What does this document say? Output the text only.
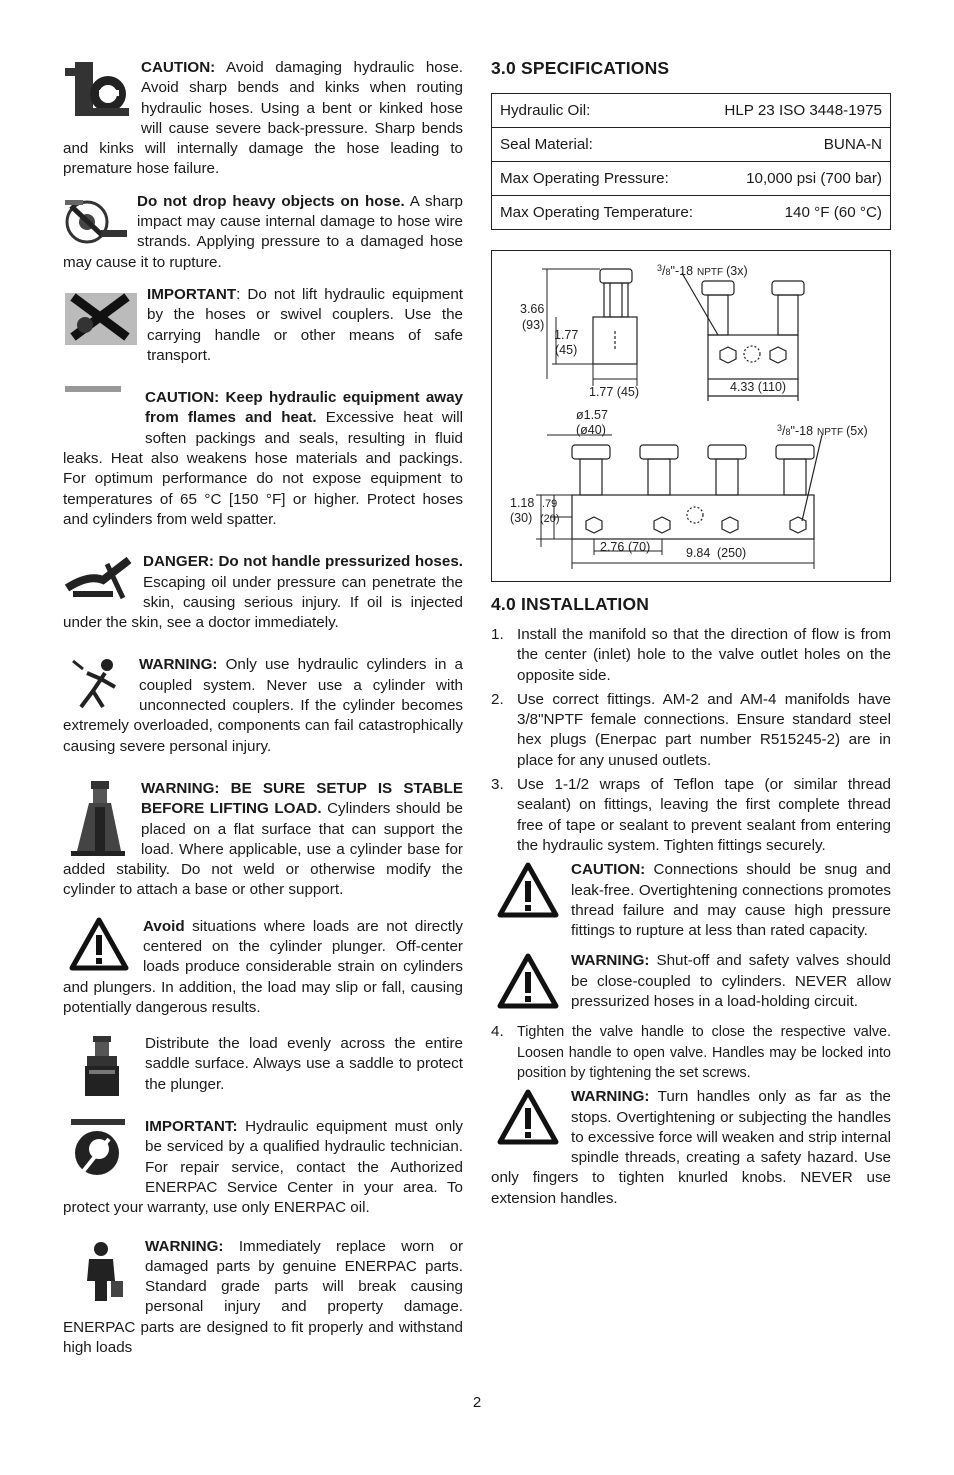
CAUTION: Avoid damaging hydraulic hose. Avoid sharp bends and kinks when routing hydraulic hoses. Using a bent or kinked hose will cause severe back-pressure. Sharp bends and kinks will internally damage the hose leading to premature hose failure.

Do not drop heavy objects on hose. A sharp impact may cause internal damage to hose wire strands. Applying pressure to a damaged hose may cause it to rupture.

IMPORTANT: Do not lift hydraulic equipment by the hoses or swivel couplers. Use the carrying handle or other means of safe transport.

CAUTION: Keep hydraulic equipment away from flames and heat. Excessive heat will soften packings and seals, resulting in fluid leaks. Heat also weakens hose materials and packings. For optimum performance do not expose equipment to temperatures of 65 °C [150 °F] or higher. Protect hoses and cylinders from weld spatter.

DANGER: Do not handle pressurized hoses. Escaping oil under pressure can penetrate the skin, causing serious injury. If oil is injected under the skin, see a doctor immediately.

WARNING: Only use hydraulic cylinders in a coupled system. Never use a cylinder with unconnected couplers. If the cylinder becomes extremely overloaded, components can fail catastrophically causing severe personal injury.

WARNING: BE SURE SETUP IS STABLE BEFORE LIFTING LOAD. Cylinders should be placed on a flat surface that can support the load. Where applicable, use a cylinder base for added stability. Do not weld or otherwise modify the cylinder to attach a base or other support.

Avoid situations where loads are not directly centered on the cylinder plunger. Off-center loads produce considerable strain on cylinders and plungers. In addition, the load may slip or fall, causing potentially dangerous results.

Distribute the load evenly across the entire saddle surface. Always use a saddle to protect the plunger.

IMPORTANT: Hydraulic equipment must only be serviced by a qualified hydraulic technician. For repair service, contact the Authorized ENERPAC Service Center in your area. To protect your warranty, use only ENERPAC oil.

WARNING: Immediately replace worn or damaged parts by genuine ENERPAC parts. Standard grade parts will break causing personal injury and property damage. ENERPAC parts are designed to fit properly and withstand high loads

3.0 SPECIFICATIONS
Hydraulic Oil:	HLP 23 ISO 3448-1975
Seal Material:	BUNA-N
Max Operating Pressure:	10,000 psi (700 bar)
Max Operating Temperature:	140 °F (60 °C)
3.66
(93)
1.77
(45)
1.77 (45)
$^3$/8"-18 NPTF (3x)
4.33 (110)
ø1.57
(ø40)	$^3$/8"-18 NPTF (5x)
1.18
(30)
.79
(20)
2.76 (70)	9.84 (250)
4.0 INSTALLATION
1. Install the manifold so that the direction of flow is from the center (inlet) hole to the valve outlet holes on the opposite side.
2. Use correct fittings. AM-2 and AM-4 manifolds have 3/8"NPTF female connections. Ensure standard steel hex plugs (Enerpac part number R515245-2) are in place for any unused outlets.
3. Use 1-1/2 wraps of Teflon tape (or similar thread sealant) on fittings, leaving the first complete thread free of tape or sealant to prevent sealant from entering the hydraulic system. Tighten fittings securely.

CAUTION: Connections should be snug and leak-free. Overtightening connections promotes thread failure and may cause high pressure fittings to rupture at less than rated capacity.

WARNING: Shut-off and safety valves should be close-coupled to cylinders. NEVER allow pressurized hoses in a load-holding circuit.

4. Tighten the valve handle to close the respective valve. Loosen handle to open valve. Handles may be locked into position by tightening the set screws.

WARNING: Turn handles only as far as the stops. Overtightening or subjecting the handles to excessive force will weaken and strip internal spindle threads, creating a safety hazard. Use only fingers to tighten knurled knobs. NEVER use extension handles.

2
